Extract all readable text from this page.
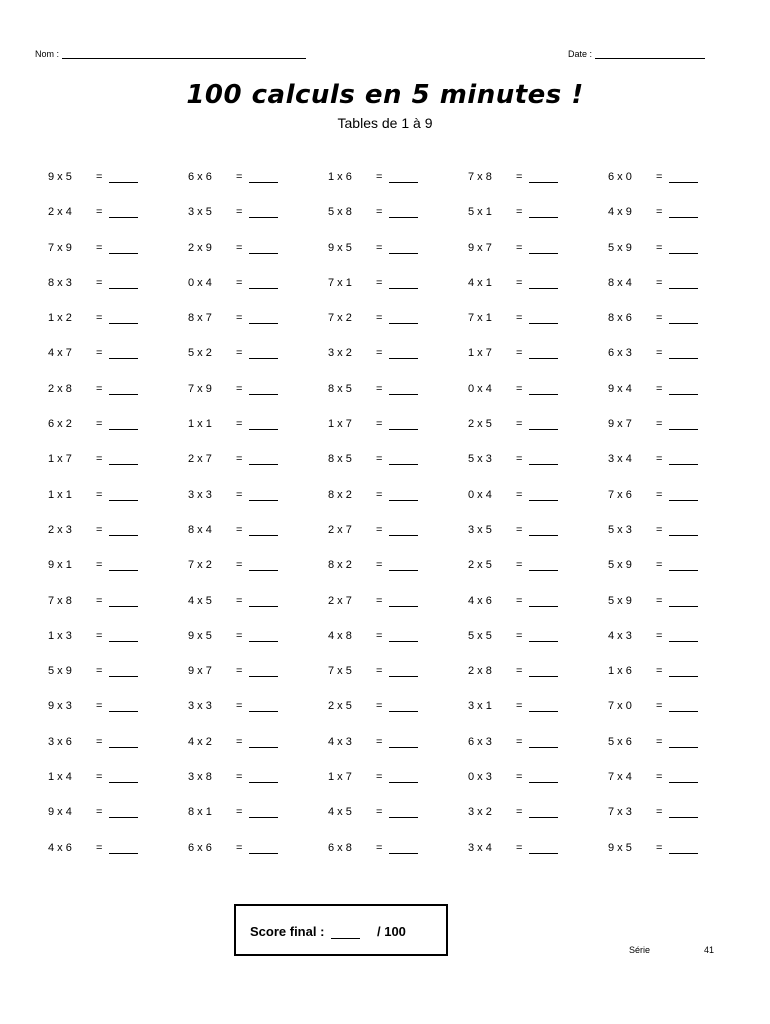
Nom :	Date :
100 calculs en 5 minutes !
Tables de 1 à 9
9 x 5	=	6 x 6	=	1 x 6	=	7 x 8	=	6 x 0	=
2 x 4	=	3 x 5	=	5 x 8	=	5 x 1	=	4 x 9	=
7 x 9	=	2 x 9	=	9 x 5	=	9 x 7	=	5 x 9	=
8 x 3	=	0 x 4	=	7 x 1	=	4 x 1	=	8 x 4	=
1 x 2	=	8 x 7	=	7 x 2	=	7 x 1	=	8 x 6	=
4 x 7	=	5 x 2	=	3 x 2	=	1 x 7	=	6 x 3	=
2 x 8	=	7 x 9	=	8 x 5	=	0 x 4	=	9 x 4	=
6 x 2	=	1 x 1	=	1 x 7	=	2 x 5	=	9 x 7	=
1 x 7	=	2 x 7	=	8 x 5	=	5 x 3	=	3 x 4	=
1 x 1	=	3 x 3	=	8 x 2	=	0 x 4	=	7 x 6	=
2 x 3	=	8 x 4	=	2 x 7	=	3 x 5	=	5 x 3	=
9 x 1	=	7 x 2	=	8 x 2	=	2 x 5	=	5 x 9	=
7 x 8	=	4 x 5	=	2 x 7	=	4 x 6	=	5 x 9	=
1 x 3	=	9 x 5	=	4 x 8	=	5 x 5	=	4 x 3	=
5 x 9	=	9 x 7	=	7 x 5	=	2 x 8	=	1 x 6	=
9 x 3	=	3 x 3	=	2 x 5	=	3 x 1	=	7 x 0	=
3 x 6	=	4 x 2	=	4 x 3	=	6 x 3	=	5 x 6	=
1 x 4	=	3 x 8	=	1 x 7	=	0 x 3	=	7 x 4	=
9 x 4	=	8 x 1	=	4 x 5	=	3 x 2	=	7 x 3	=
4 x 6	=	6 x 6	=	6 x 8	=	3 x 4	=	9 x 5	=
Score final :	/ 100
Série	41
